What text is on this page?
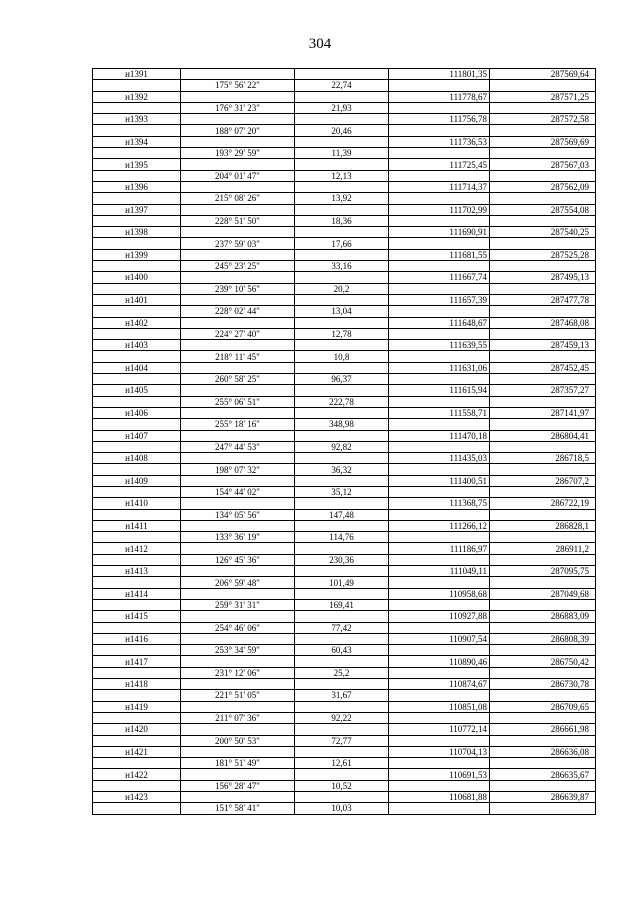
304
н1391			111801,35	287569,64
	175° 56' 22"	22,74		
н1392			111778,67	287571,25
	176° 31' 23"	21,93		
н1393			111756,78	287572,58
	188° 07' 20"	20,46		
н1394			111736,53	287569,69
	193° 29' 59"	11,39		
н1395			111725,45	287567,03
	204° 01' 47"	12,13		
н1396			111714,37	287562,09
	215° 08' 26"	13,92		
н1397			111702,99	287554,08
	228° 51' 50"	18,36		
н1398			111690,91	287540,25
	237° 59' 03"	17,66		
н1399			111681,55	287525,28
	245° 23' 25"	33,16		
н1400			111667,74	287495,13
	239° 10' 56"	20,2		
н1401			111657,39	287477,78
	228° 02' 44"	13,04		
н1402			111648,67	287468,08
	224° 27' 40"	12,78		
н1403			111639,55	287459,13
	218° 11' 45"	10,8		
н1404			111631,06	287452,45
	260° 58' 25"	96,37		
н1405			111615,94	287357,27
	255° 06' 51"	222,78		
н1406			111558,71	287141,97
	255° 18' 16"	348,98		
н1407			111470,18	286804,41
	247° 44' 53"	92,82		
н1408			111435,03	286718,5
	198° 07' 32"	36,32		
н1409			111400,51	286707,2
	154° 44' 02"	35,12		
н1410			111368,75	286722,19
	134° 05' 56"	147,48		
н1411			111266,12	286828,1
	133° 36' 19"	114,76		
н1412			111186,97	286911,2
	126° 45' 36"	230,36		
н1413			111049,11	287095,75
	206° 59' 48"	101,49		
н1414			110958,68	287049,68
	259° 31' 31"	169,41		
н1415			110927,88	286883,09
	254° 46' 06"	77,42		
н1416			110907,54	286808,39
	253° 34' 59"	60,43		
н1417			110890,46	286750,42
	231° 12' 06"	25,2		
н1418			110874,67	286730,78
	221° 51' 05"	31,67		
н1419			110851,08	286709,65
	211° 07' 36"	92,22		
н1420			110772,14	286661,98
	200° 50' 53"	72,77		
н1421			110704,13	286636,08
	181° 51' 49"	12,61		
н1422			110691,53	286635,67
	156° 28' 47"	10,52		
н1423			110681,88	286639,87
	151° 58' 41"	10,03		
